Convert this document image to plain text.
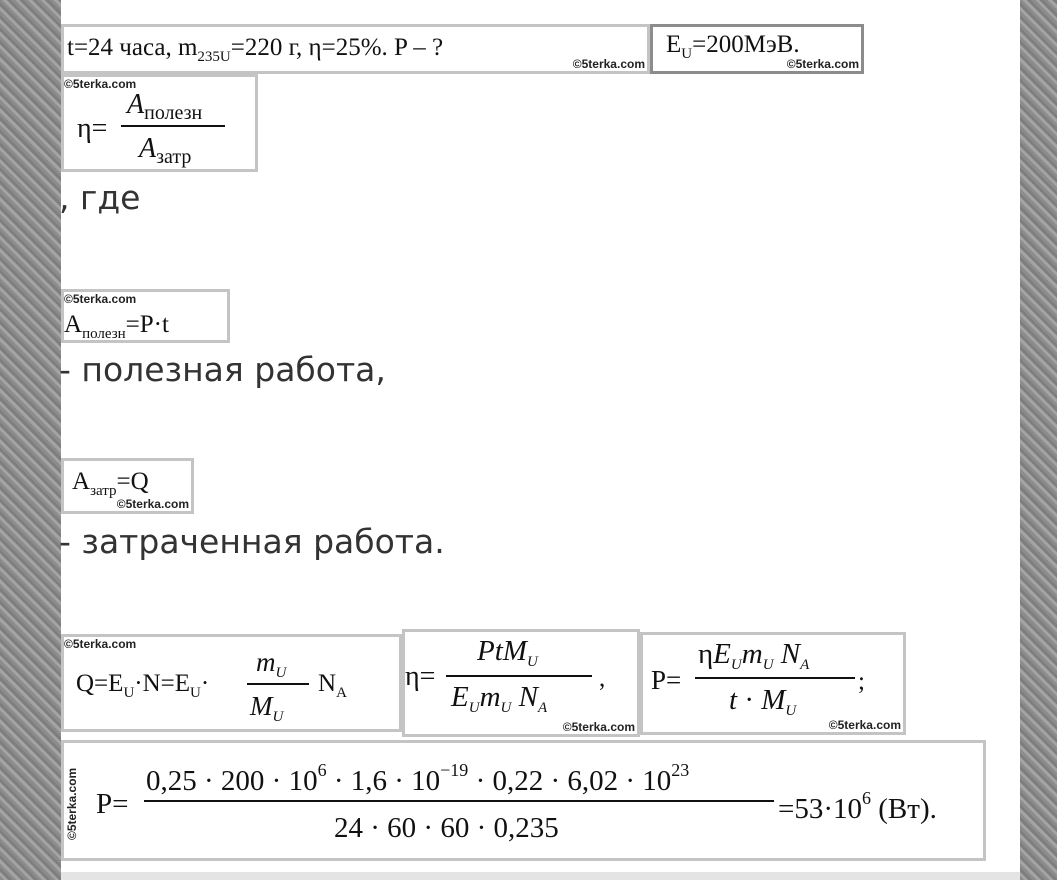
t=24 часа, $m_{235U}=220$ г, η=25%. P – ?
©5terka.com
$E_U=200МэВ$.
©5terka.com
©5terka.com
η=
$A_{полезн}$
$A_{затр}$
, где
©5terka.com
$A_{полезн}=P\cdot t$
- полезная работа,
$A_{затр}=Q$
©5terka.com
- затраченная работа.
©5terka.com
$Q=E_U\cdot N=E_U\cdot$
$m_U$
$M_U$
$N_A$
η=
PtM$_U$
$E_Um_U$ $N_A$
,
©5terka.com
P=
$\eta E_Um_U$ $N_A$
$t \cdot M_U$
;
©5terka.com
©5terka.com P=
$0,25 \cdot 200 \cdot 10^6 \cdot 1,6 \cdot 10^{-19} \cdot 0,22 \cdot 6,02 \cdot 10^{23}$
24 · 60 · 60 · 0,235
$=53\cdot 10^6$ (Вт).
